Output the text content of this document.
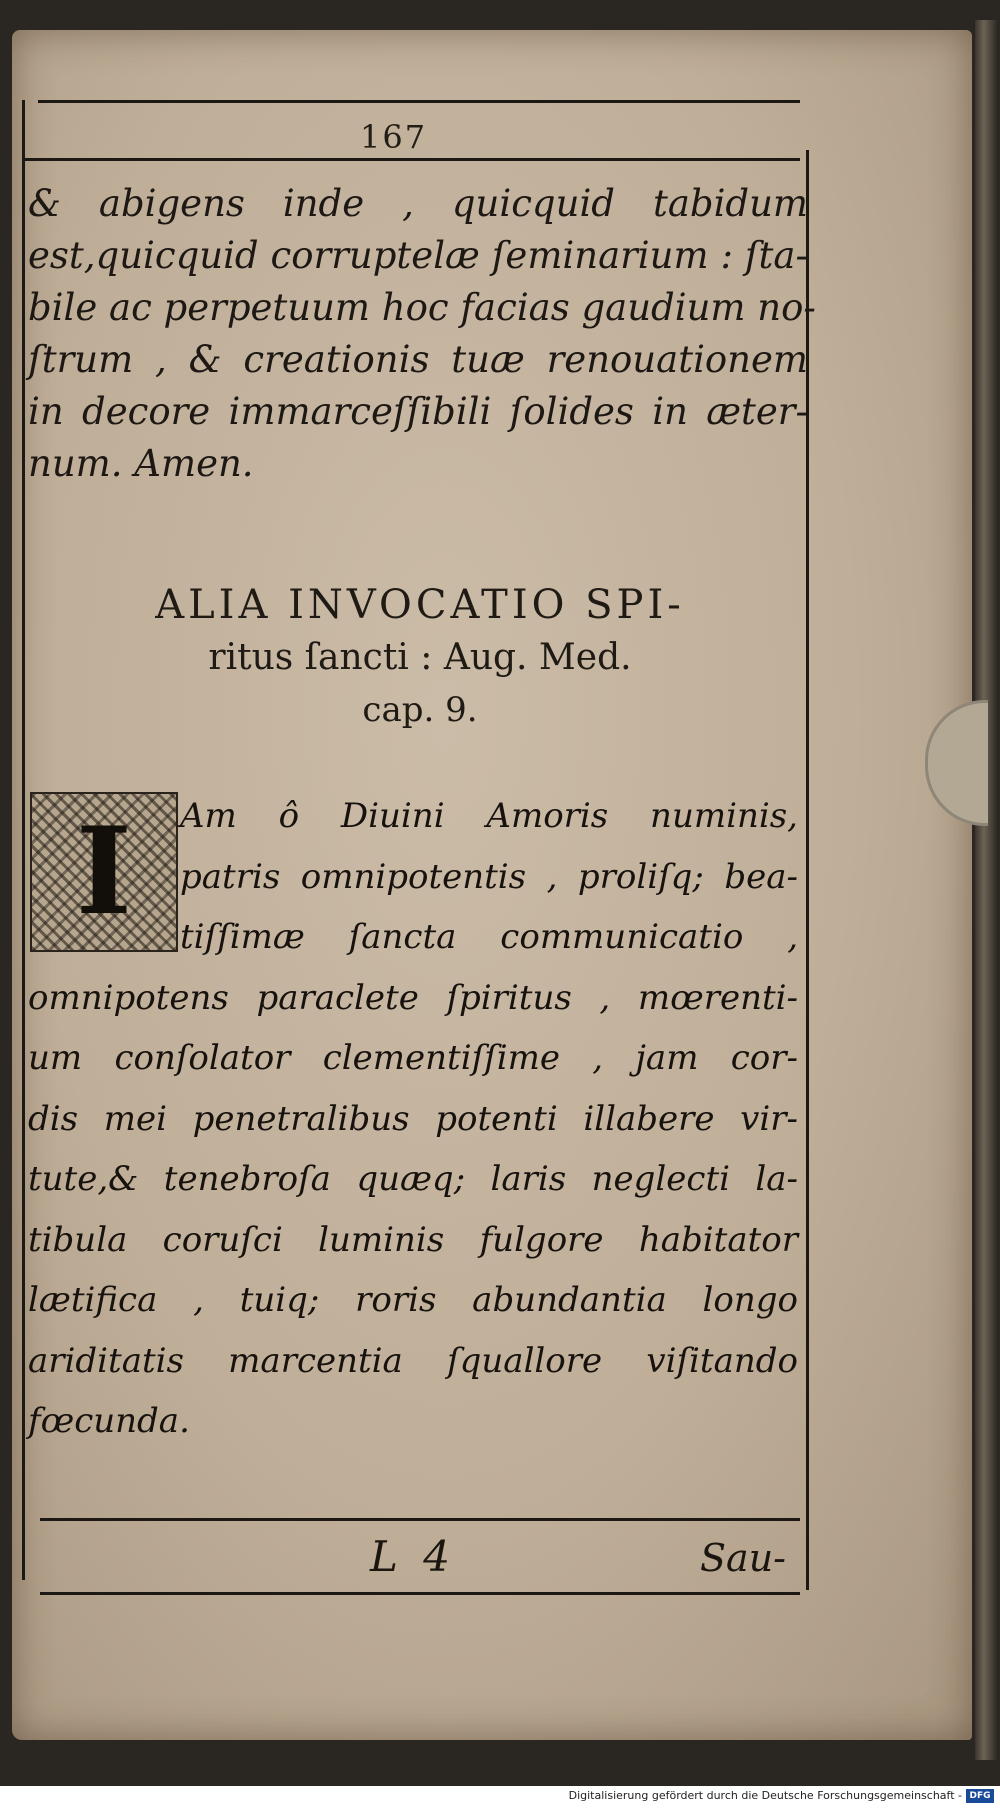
167
& abigens inde , quicquid tabidum
est,quicquid corruptelæ ſeminarium : ſta-
bile ac perpetuum hoc facias gaudium no-
ſtrum , & creationis tuæ renouationem
in decore immarceſſibili ſolides in æter-
num. Amen.
ALIA INVOCATIO SPI-
ritus ſancti : Aug. Med.
cap. 9.
I	Am ô Diuini Amoris numinis,
patris omnipotentis , proliſq; bea-
tiſſimæ ſancta communicatio ,
omnipotens paraclete ſpiritus , mœrenti-
um conſolator clementiſſime , jam cor-
dis mei penetralibus potenti illabere vir-
tute,& tenebroſa quæq; laris neglecti la-
tibula coruſci luminis fulgore habitator
lætifica , tuiq; roris abundantia longo
ariditatis marcentia ſquallore viſitando
fœcunda.
L 4	Sau-
Digitalisierung gefördert durch die Deutsche Forschungsgemeinschaft - DFG
